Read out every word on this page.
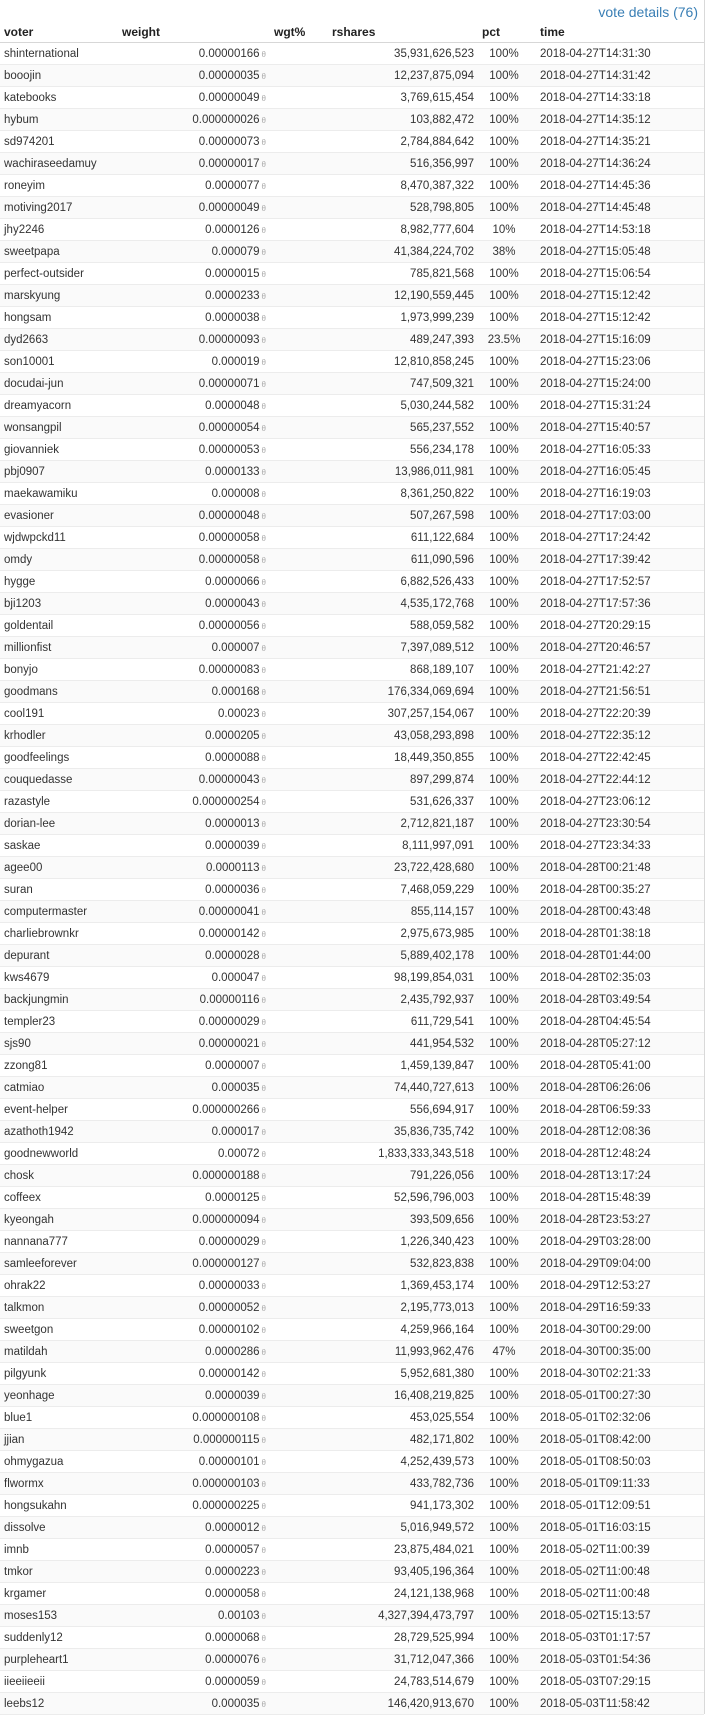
vote details (76)
voter	weight	wgt%	rshares	pct	time
shinternational	0.00000166 θ		35,931,626,523	100%	2018-04-27T14:31:30
booojin	0.00000035 θ		12,237,875,094	100%	2018-04-27T14:31:42
katebooks	0.00000049 θ		3,769,615,454	100%	2018-04-27T14:33:18
hybum	0.000000026 θ		103,882,472	100%	2018-04-27T14:35:12
sd974201	0.00000073 θ		2,784,884,642	100%	2018-04-27T14:35:21
wachiraseedamuy	0.00000017 θ		516,356,997	100%	2018-04-27T14:36:24
roneyim	0.0000077 θ		8,470,387,322	100%	2018-04-27T14:45:36
motiving2017	0.00000049 θ		528,798,805	100%	2018-04-27T14:45:48
jhy2246	0.0000126 θ		8,982,777,604	10%	2018-04-27T14:53:18
sweetpapa	0.000079 θ		41,384,224,702	38%	2018-04-27T15:05:48
perfect-outsider	0.0000015 θ		785,821,568	100%	2018-04-27T15:06:54
marskyung	0.0000233 θ		12,190,559,445	100%	2018-04-27T15:12:42
hongsam	0.0000038 θ		1,973,999,239	100%	2018-04-27T15:12:42
dyd2663	0.00000093 θ		489,247,393	23.5%	2018-04-27T15:16:09
son10001	0.000019 θ		12,810,858,245	100%	2018-04-27T15:23:06
docudai-jun	0.00000071 θ		747,509,321	100%	2018-04-27T15:24:00
dreamyacorn	0.0000048 θ		5,030,244,582	100%	2018-04-27T15:31:24
wonsangpil	0.00000054 θ		565,237,552	100%	2018-04-27T15:40:57
giovanniek	0.00000053 θ		556,234,178	100%	2018-04-27T16:05:33
pbj0907	0.0000133 θ		13,986,011,981	100%	2018-04-27T16:05:45
maekawamiku	0.000008 θ		8,361,250,822	100%	2018-04-27T16:19:03
evasioner	0.00000048 θ		507,267,598	100%	2018-04-27T17:03:00
wjdwpckd11	0.00000058 θ		611,122,684	100%	2018-04-27T17:24:42
omdy	0.00000058 θ		611,090,596	100%	2018-04-27T17:39:42
hygge	0.0000066 θ		6,882,526,433	100%	2018-04-27T17:52:57
bji1203	0.0000043 θ		4,535,172,768	100%	2018-04-27T17:57:36
goldentail	0.00000056 θ		588,059,582	100%	2018-04-27T20:29:15
millionfist	0.000007 θ		7,397,089,512	100%	2018-04-27T20:46:57
bonyjo	0.00000083 θ		868,189,107	100%	2018-04-27T21:42:27
goodmans	0.000168 θ		176,334,069,694	100%	2018-04-27T21:56:51
cool191	0.00023 θ		307,257,154,067	100%	2018-04-27T22:20:39
krhodler	0.0000205 θ		43,058,293,898	100%	2018-04-27T22:35:12
goodfeelings	0.0000088 θ		18,449,350,855	100%	2018-04-27T22:42:45
couquedasse	0.00000043 θ		897,299,874	100%	2018-04-27T22:44:12
razastyle	0.000000254 θ		531,626,337	100%	2018-04-27T23:06:12
dorian-lee	0.0000013 θ		2,712,821,187	100%	2018-04-27T23:30:54
saskae	0.0000039 θ		8,111,997,091	100%	2018-04-27T23:34:33
agee00	0.0000113 θ		23,722,428,680	100%	2018-04-28T00:21:48
suran	0.0000036 θ		7,468,059,229	100%	2018-04-28T00:35:27
computermaster	0.00000041 θ		855,114,157	100%	2018-04-28T00:43:48
charliebrownkr	0.00000142 θ		2,975,673,985	100%	2018-04-28T01:38:18
depurant	0.0000028 θ		5,889,402,178	100%	2018-04-28T01:44:00
kws4679	0.000047 θ		98,199,854,031	100%	2018-04-28T02:35:03
backjungmin	0.00000116 θ		2,435,792,937	100%	2018-04-28T03:49:54
templer23	0.00000029 θ		611,729,541	100%	2018-04-28T04:45:54
sjs90	0.00000021 θ		441,954,532	100%	2018-04-28T05:27:12
zzong81	0.0000007 θ		1,459,139,847	100%	2018-04-28T05:41:00
catmiao	0.000035 θ		74,440,727,613	100%	2018-04-28T06:26:06
event-helper	0.000000266 θ		556,694,917	100%	2018-04-28T06:59:33
azathoth1942	0.000017 θ		35,836,735,742	100%	2018-04-28T12:08:36
goodnewworld	0.00072 θ		1,833,333,343,518	100%	2018-04-28T12:48:24
chosk	0.000000188 θ		791,226,056	100%	2018-04-28T13:17:24
coffeex	0.0000125 θ		52,596,796,003	100%	2018-04-28T15:48:39
kyeongah	0.000000094 θ		393,509,656	100%	2018-04-28T23:53:27
nannana777	0.00000029 θ		1,226,340,423	100%	2018-04-29T03:28:00
samleeforever	0.000000127 θ		532,823,838	100%	2018-04-29T09:04:00
ohrak22	0.00000033 θ		1,369,453,174	100%	2018-04-29T12:53:27
talkmon	0.00000052 θ		2,195,773,013	100%	2018-04-29T16:59:33
sweetgon	0.00000102 θ		4,259,966,164	100%	2018-04-30T00:29:00
matildah	0.0000286 θ		11,993,962,476	47%	2018-04-30T00:35:00
pilgyunk	0.00000142 θ		5,952,681,380	100%	2018-04-30T02:21:33
yeonhage	0.0000039 θ		16,408,219,825	100%	2018-05-01T00:27:30
blue1	0.000000108 θ		453,025,554	100%	2018-05-01T02:32:06
jjian	0.000000115 θ		482,171,802	100%	2018-05-01T08:42:00
ohmygazua	0.00000101 θ		4,252,439,573	100%	2018-05-01T08:50:03
flwormx	0.000000103 θ		433,782,736	100%	2018-05-01T09:11:33
hongsukahn	0.000000225 θ		941,173,302	100%	2018-05-01T12:09:51
dissolve	0.0000012 θ		5,016,949,572	100%	2018-05-01T16:03:15
imnb	0.0000057 θ		23,875,484,021	100%	2018-05-02T11:00:39
tmkor	0.0000223 θ		93,405,196,364	100%	2018-05-02T11:00:48
krgamer	0.0000058 θ		24,121,138,968	100%	2018-05-02T11:00:48
moses153	0.00103 θ		4,327,394,473,797	100%	2018-05-02T15:13:57
suddenly12	0.0000068 θ		28,729,525,994	100%	2018-05-03T01:17:57
purpleheart1	0.0000076 θ		31,712,047,366	100%	2018-05-03T01:54:36
iieeiieeii	0.0000059 θ		24,783,514,679	100%	2018-05-03T07:29:15
leebs12	0.000035 θ		146,420,913,670	100%	2018-05-03T11:58:42
